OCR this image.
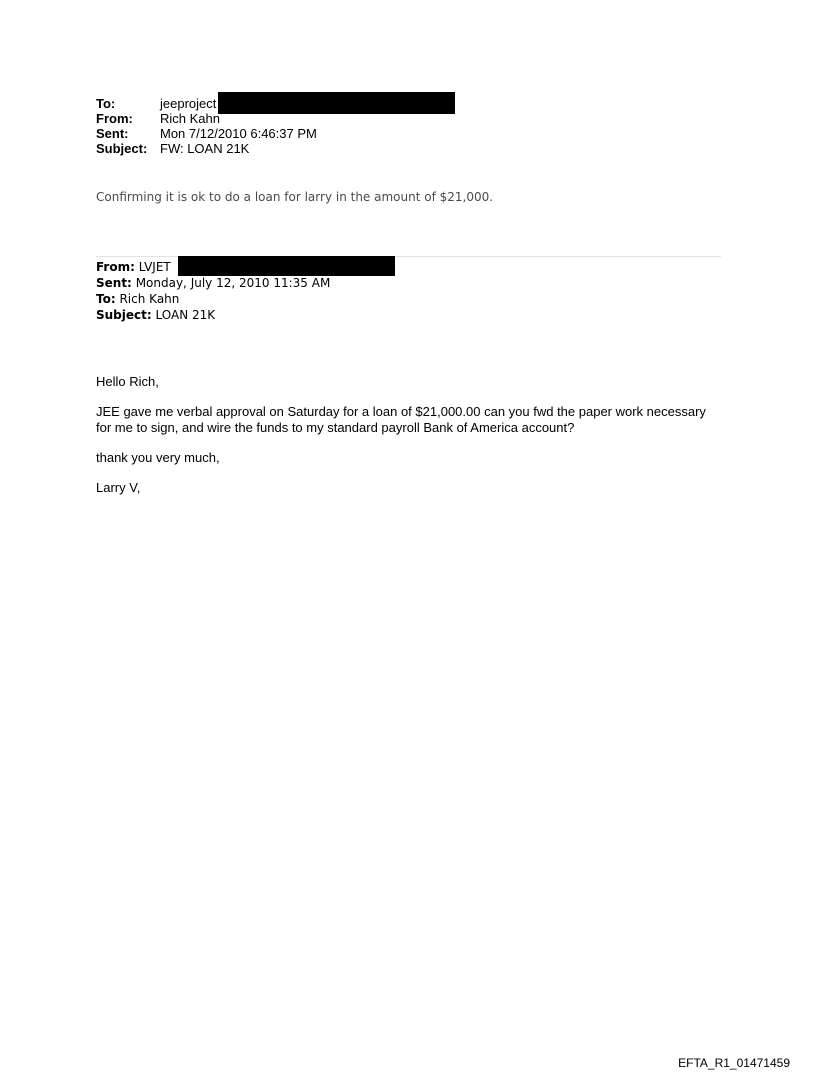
To:	jeeproject
From: Rich Kahn
Sent: Mon 7/12/2010 6:46:37 PM
Subject: FW: LOAN 21K
Confirming it is ok to do a loan for larry in the amount of $21,000.
From: LVJET
Sent: Monday, July 12, 2010 11:35 AM
To: Rich Kahn
Subject: LOAN 21K

Hello Rich,

JEE gave me verbal approval on Saturday for a loan of $21,000.00 can you fwd the paper work necessary for me to sign, and wire the funds to my standard payroll Bank of America account?

thank you very much,

Larry V,

EFTA_R1_01471459
